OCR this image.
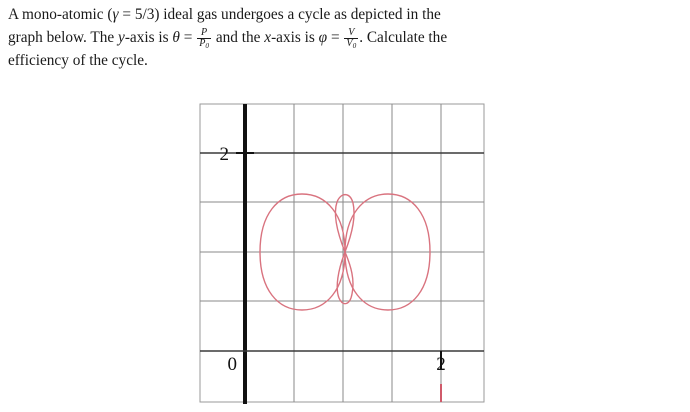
A mono-atomic (γ = 5/3) ideal gas undergoes a cycle as depicted in the
graph below. The y-axis is $\theta = \frac{P}{P_0}$ and the x-axis is $\varphi = \frac{V}{V_0}$ . Calculate the
efficiency of the cycle.
2
0	2
